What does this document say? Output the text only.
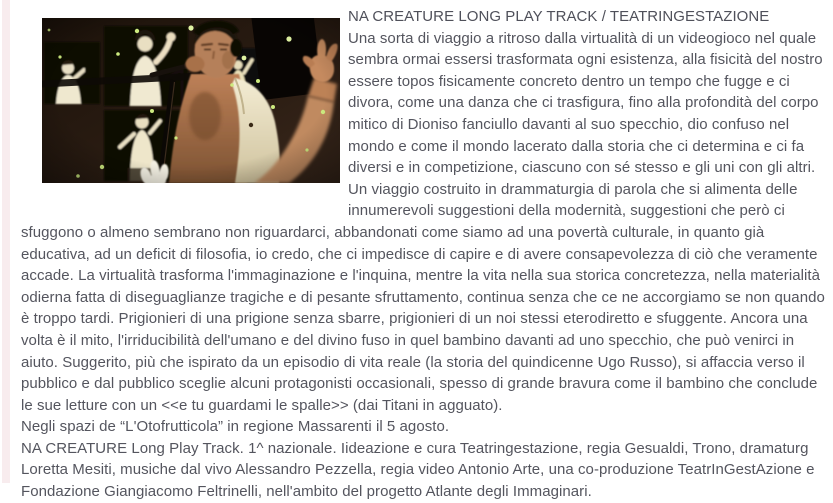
NA CREATURE LONG PLAY TRACK / TEATRINGESTAZIONE

Una sorta di viaggio a ritroso dalla virtualità di un videogioco nel quale sembra ormai essersi trasformata ogni esistenza, alla fisicità del nostro essere topos fisicamente concreto dentro un tempo che fugge e ci divora, come una danza che ci trasfigura, fino alla profondità del corpo mitico di Dioniso fanciullo davanti al suo specchio, dio confuso nel mondo e come il mondo lacerato dalla storia che ci determina e ci fa diversi e in competizione, ciascuno con sé stesso e gli uni con gli altri. Un viaggio costruito in drammaturgia di parola che si alimenta delle innumerevoli suggestioni della modernità, suggestioni che però ci sfuggono o almeno sembrano non riguardarci, abbandonati come siamo ad una povertà culturale, in quanto già educativa, ad un deficit di filosofia, io credo, che ci impedisce di capire e di avere consapevolezza di ciò che veramente accade. La virtualità trasforma l'immaginazione e l'inquina, mentre la vita nella sua storica concretezza, nella materialità odierna fatta di diseguaglianze tragiche e di pesante sfruttamento, continua senza che ce ne accorgiamo se non quando è troppo tardi. Prigionieri di una prigione senza sbarre, prigionieri di un noi stessi eterodiretto e sfuggente. Ancora una volta è il mito, l'irriducibilità dell'umano e del divino fuso in quel bambino davanti ad uno specchio, che può venirci in aiuto. Suggerito, più che ispirato da un episodio di vita reale (la storia del quindicenne Ugo Russo), si affaccia verso il pubblico e dal pubblico sceglie alcuni protagonisti occasionali, spesso di grande bravura come il bambino che conclude le sue letture con un <<e tu guardami le spalle>> (dai Titani in agguato).

Negli spazi de “L'Otofrutticola” in regione Massarenti il 5 agosto.

NA CREATURE Long Play Track. 1^ nazionale. Iideazione e cura Teatringestazione, regia Gesualdi, Trono, dramaturg Loretta Mesiti, musiche dal vivo Alessandro Pezzella, regia video Antonio Arte, una co-produzione TeatrInGestAzione e Fondazione Giangiacomo Feltrinelli, nell'ambito del progetto Atlante degli Immaginari.
